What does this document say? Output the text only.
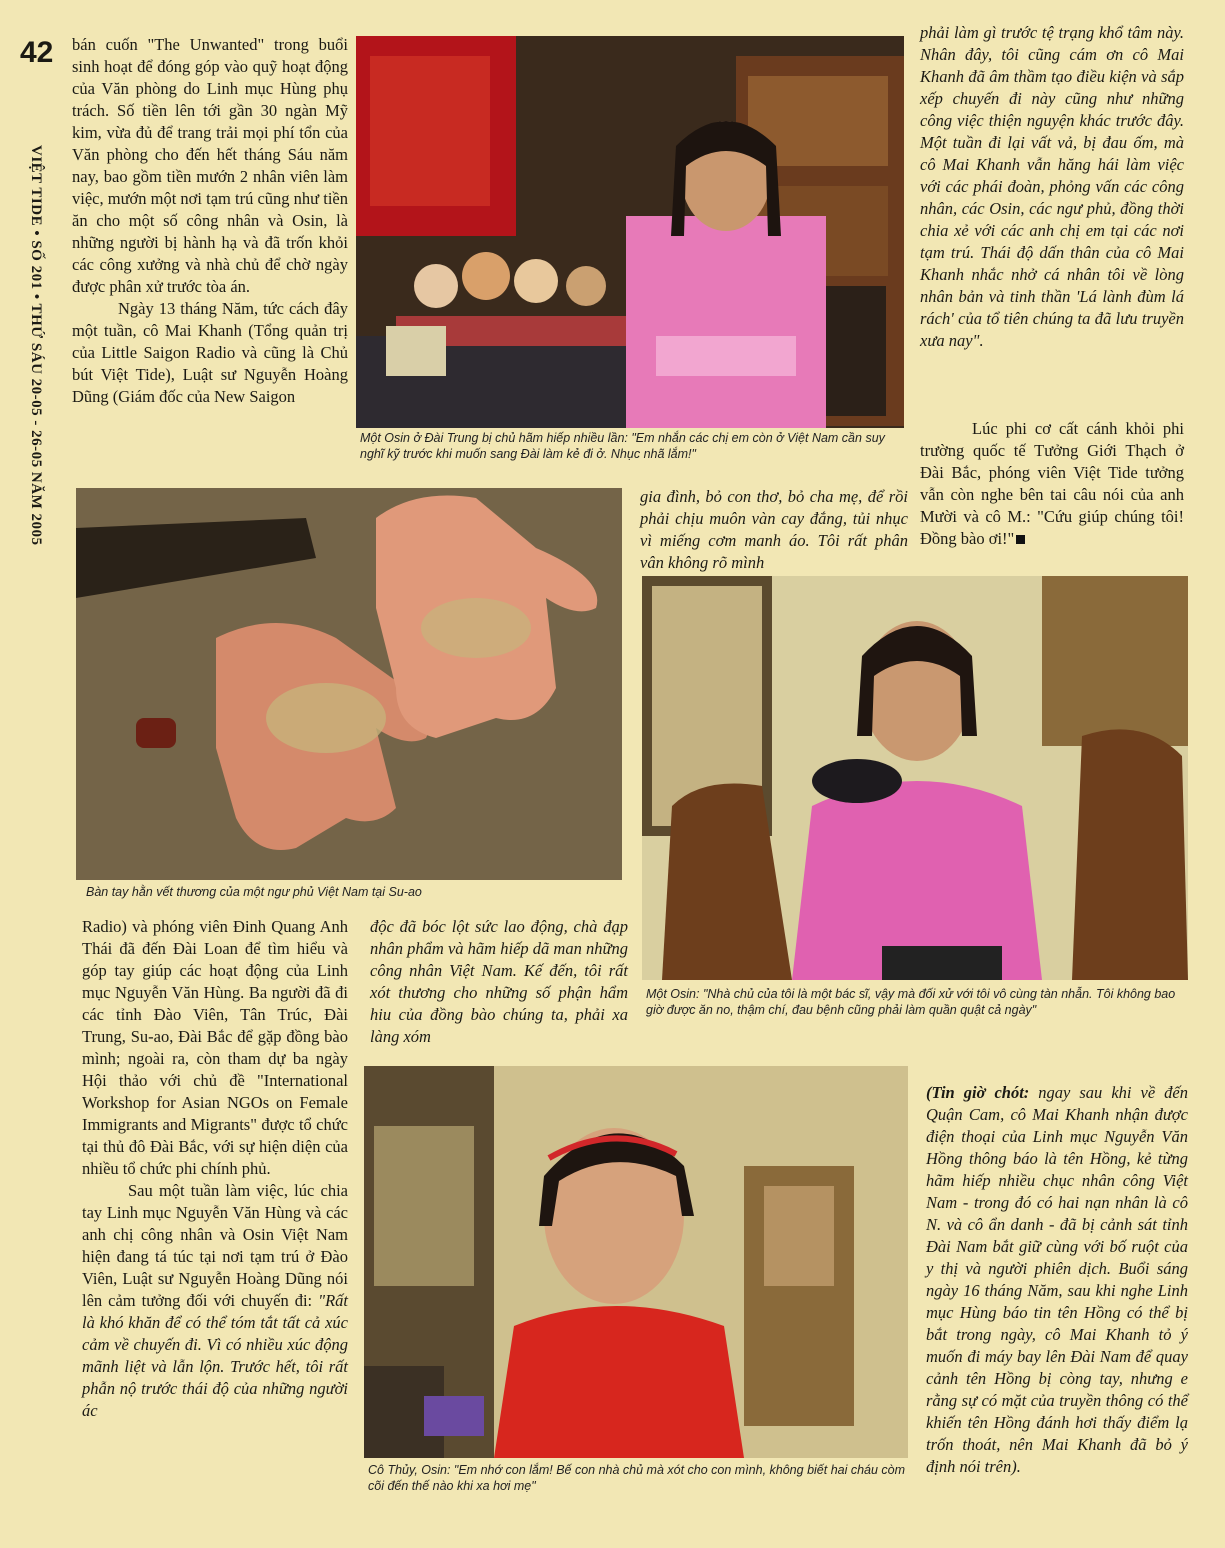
42
VIỆT TIDE • SỐ 201 • THỨ SÁU 20-05 - 26-05 NĂM 2005

bán cuốn "The Unwanted" trong buổi sinh hoạt để đóng góp vào quỹ hoạt động của Văn phòng do Linh mục Hùng phụ trách. Số tiền lên tới gần 30 ngàn Mỹ kim, vừa đủ để trang trải mọi phí tổn của Văn phòng cho đến hết tháng Sáu năm nay, bao gồm tiền mướn 2 nhân viên làm việc, mướn một nơi tạm trú cũng như tiền ăn cho một số công nhân và Osin, là những người bị hành hạ và đã trốn khỏi các công xưởng và nhà chủ để chờ ngày được phân xử trước tòa án.

Ngày 13 tháng Năm, tức cách đây một tuần, cô Mai Khanh (Tổng quản trị của Little Saigon Radio và cũng là Chủ bút Việt Tide), Luật sư Nguyễn Hoàng Dũng (Giám đốc của New Saigon

Một Osin ở Đài Trung bị chủ hãm hiếp nhiều lần: "Em nhắn các chị em còn ở Việt Nam cần suy nghĩ kỹ trước khi muốn sang Đài làm kẻ đi ở. Nhục nhã lắm!"
Bàn tay hằn vết thương của một ngư phủ Việt Nam tại Su-ao
gia đình, bỏ con thơ, bỏ cha mẹ, để rồi phải chịu muôn vàn cay đắng, tủi nhục vì miếng cơm manh áo. Tôi rất phân vân không rõ mình

phải làm gì trước tệ trạng khổ tâm này. Nhân đây, tôi cũng cám ơn cô Mai Khanh đã âm thầm tạo điều kiện và sắp xếp chuyến đi này cũng như những công việc thiện nguyện khác trước đây. Một tuần đi lại vất vả, bị đau ốm, mà cô Mai Khanh vẫn hăng hái làm việc với các phái đoàn, phỏng vấn các công nhân, các Osin, các ngư phủ, đồng thời chia xẻ với các anh chị em tại các nơi tạm trú. Thái độ dấn thân của cô Mai Khanh nhắc nhở cá nhân tôi về lòng nhân bản và tinh thần 'Lá lành đùm lá rách' của tổ tiên chúng ta đã lưu truyền xưa nay".

Lúc phi cơ cất cánh khỏi phi trường quốc tế Tưởng Giới Thạch ở Đài Bắc, phóng viên Việt Tide tưởng vẫn còn nghe bên tai câu nói của anh Mười và cô M.: "Cứu giúp chúng tôi! Đồng bào ơi!"

Một Osin: "Nhà chủ của tôi là một bác sĩ, vậy mà đối xử với tôi vô cùng tàn nhẫn. Tôi không bao giờ được ăn no, thậm chí, đau bệnh cũng phải làm quần quật cả ngày"

Radio) và phóng viên Đinh Quang Anh Thái đã đến Đài Loan để tìm hiểu và góp tay giúp các hoạt động của Linh mục Nguyễn Văn Hùng. Ba người đã đi các tỉnh Đào Viên, Tân Trúc, Đài Trung, Su-ao, Đài Bắc để gặp đồng bào mình; ngoài ra, còn tham dự ba ngày Hội thảo với chủ đề "International Workshop for Asian NGOs on Female Immigrants and Migrants" được tổ chức tại thủ đô Đài Bắc, với sự hiện diện của nhiều tổ chức phi chính phủ.

Sau một tuần làm việc, lúc chia tay Linh mục Nguyễn Văn Hùng và các anh chị công nhân và Osin Việt Nam hiện đang tá túc tại nơi tạm trú ở Đào Viên, Luật sư Nguyễn Hoàng Dũng nói lên cảm tưởng đối với chuyến đi: "Rất là khó khăn để có thể tóm tắt tất cả xúc cảm về chuyến đi. Vì có nhiều xúc động mãnh liệt và lẫn lộn. Trước hết, tôi rất phẫn nộ trước thái độ của những người ác

độc đã bóc lột sức lao động, chà đạp nhân phẩm và hãm hiếp dã man những công nhân Việt Nam. Kế đến, tôi rất xót thương cho những số phận hẩm hiu của đồng bào chúng ta, phải xa làng xóm
Cô Thủy, Osin: "Em nhớ con lắm! Bế con nhà chủ mà xót cho con mình, không biết hai cháu còm cõi đến thế nào khi xa hơi mẹ"
(Tin giờ chót: ngay sau khi về đến Quận Cam, cô Mai Khanh nhận được điện thoại của Linh mục Nguyễn Văn Hồng thông báo là tên Hồng, kẻ từng hãm hiếp nhiều chục nhân công Việt Nam - trong đó có hai nạn nhân là cô N. và cô ẩn danh - đã bị cảnh sát tỉnh Đài Nam bắt giữ cùng với bố ruột của y thị và người phiên dịch. Buổi sáng ngày 16 tháng Năm, sau khi nghe Linh mục Hùng báo tin tên Hồng có thể bị bắt trong ngày, cô Mai Khanh tỏ ý muốn đi máy bay lên Đài Nam để quay cảnh tên Hồng bị còng tay, nhưng e rằng sự có mặt của truyền thông có thể khiến tên Hồng đánh hơi thấy điểm lạ trốn thoát, nên Mai Khanh đã bỏ ý định nói trên).
